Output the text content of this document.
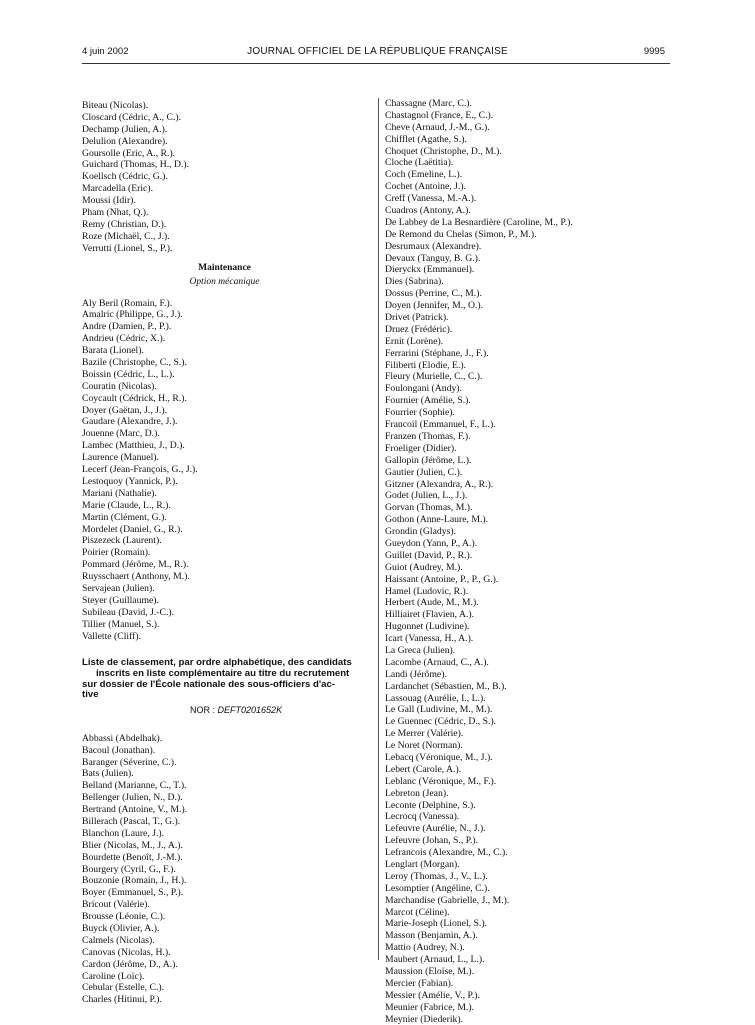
4 juin 2002	JOURNAL OFFICIEL DE LA RÉPUBLIQUE FRANÇAISE	9995
Biteau (Nicolas).
Closcard (Cédric, A., C.).
Dechamp (Julien, A.).
Delulion (Alexandre).
Goursolle (Eric, A., R.).
Guichard (Thomas, H., D.).
Koellsch (Cédric, G.).
Marcadella (Eric).
Moussi (Idir).
Pham (Nhat, Q.).
Remy (Christian, D.).
Roze (Michaël, C., J.).
Verrutti (Lionel, S., P.).
Maintenance
Option mécanique
Aly Beril (Romain, F.).
Amalric (Philippe, G., J.).
Andre (Damien, P., P.).
Andrieu (Cédric, X.).
Barata (Lionel).
Bazile (Christophe, C., S.).
Boissin (Cédric, L., L.).
Couratin (Nicolas).
Coycault (Cédrick, H., R.).
Doyer (Gaëtan, J., J.).
Gaudare (Alexandre, J.).
Jouenne (Marc, D.).
Lambec (Matthieu, J., D.).
Laurence (Manuel).
Lecerf (Jean-François, G., J.).
Lestoquoy (Yannick, P.).
Mariani (Nathalie).
Marie (Claude, L., R.).
Martin (Clément, G.).
Mordelet (Daniel, G., R.).
Piszezeck (Laurent).
Poirier (Romain).
Pommard (Jérôme, M., R.).
Ruysschaert (Anthony, M.).
Servajean (Julien).
Steyer (Guillaume).
Subileau (David, J.-C.).
Tillier (Manuel, S.).
Vallette (Cliff).
Liste de classement, par ordre alphabétique, des candidats
inscrits en liste complémentaire au titre du recrutement
sur dossier de l'École nationale des sous-officiers d'ac-
tive
NOR : DEFT0201652K
Abbassi (Abdelhak).
Bacoul (Jonathan).
Baranger (Séverine, C.).
Bats (Julien).
Belland (Marianne, C., T.).
Bellenger (Julien, N., D.).
Bertrand (Antoine, V., M.).
Billerach (Pascal, T., G.).
Blanchon (Laure, J.).
Blier (Nicolas, M., J., A.).
Bourdette (Benoît, J.-M.).
Bourgery (Cyril, G., F.).
Bouzonie (Romain, J., H.).
Boyer (Emmanuel, S., P.).
Bricout (Valérie).
Brousse (Léonie, C.).
Buyck (Olivier, A.).
Calmels (Nicolas).
Canovas (Nicolas, H.).
Cardon (Jérôme, D., A.).
Caroline (Loïc).
Cebular (Estelle, C.).
Charles (Hitinui, P.).
Chassagne (Marc, C.).
Chastagnol (France, E., C.).
Cheve (Arnaud, J.-M., G.).
Chifflet (Agathe, S.).
Choquet (Christophe, D., M.).
Cloche (Laëtitia).
Coch (Emeline, L.).
Cochet (Antoine, J.).
Creff (Vanessa, M.-A.).
Cuadros (Antony, A.).
De Labbey de La Besnardière (Caroline, M., P.).
De Remond du Chelas (Simon, P., M.).
Desrumaux (Alexandre).
Devaux (Tanguy, B. G.).
Dieryckx (Emmanuel).
Dies (Sabrina).
Dossus (Perrine, C., M.).
Doyen (Jennifer, M., O.).
Drivet (Patrick).
Druez (Frédéric).
Ernit (Lorène).
Ferrarini (Stéphane, J., F.).
Filiberti (Elodie, E.).
Fleury (Murielle, C., C.).
Foulongani (Andy).
Fournier (Amélie, S.).
Fourrier (Sophie).
Francoil (Emmanuel, F., L.).
Franzen (Thomas, F.).
Froeliger (Didier).
Gallopin (Jérôme, L.).
Gautier (Julien, C.).
Gitzner (Alexandra, A., R.).
Godet (Julien, L., J.).
Gorvan (Thomas, M.).
Gothon (Anne-Laure, M.).
Grondin (Gladys).
Gueydon (Yann, P., A.).
Guillet (David, P., R.).
Guiot (Audrey, M.).
Haissant (Antoine, P., P., G.).
Hamel (Ludovic, R.).
Herbert (Aude, M., M.).
Hilliairet (Flavien, A.).
Hugonnet (Ludivine).
Icart (Vanessa, H., A.).
La Greca (Julien).
Lacombe (Arnaud, C., A.).
Landi (Jérôme).
Lardanchet (Sébastien, M., B.).
Lassouag (Aurélie, I., L.).
Le Gall (Ludivine, M., M.).
Le Guennec (Cédric, D., S.).
Le Merrer (Valérie).
Le Noret (Norman).
Lebacq (Véronique, M., J.).
Lebert (Carole, A.).
Leblanc (Véronique, M., F.).
Lebreton (Jean).
Leconte (Delphine, S.).
Lecrocq (Vanessa).
Lefeuvre (Aurélie, N., J.).
Lefeuvre (Johan, S., P.).
Lefrancois (Alexandre, M., C.).
Lenglart (Morgan).
Leroy (Thomas, J., V., L.).
Lesomptier (Angéline, C.).
Marchandise (Gabrielle, J., M.).
Marcot (Céline).
Marie-Joseph (Lionel, S.).
Masson (Benjamin, A.).
Mattio (Audrey, N.).
Maubert (Arnaud, L., L.).
Maussion (Eloïse, M.).
Mercier (Fabian).
Messier (Amélie, V., P.).
Meunier (Fabrice, M.).
Meynier (Diederik).
